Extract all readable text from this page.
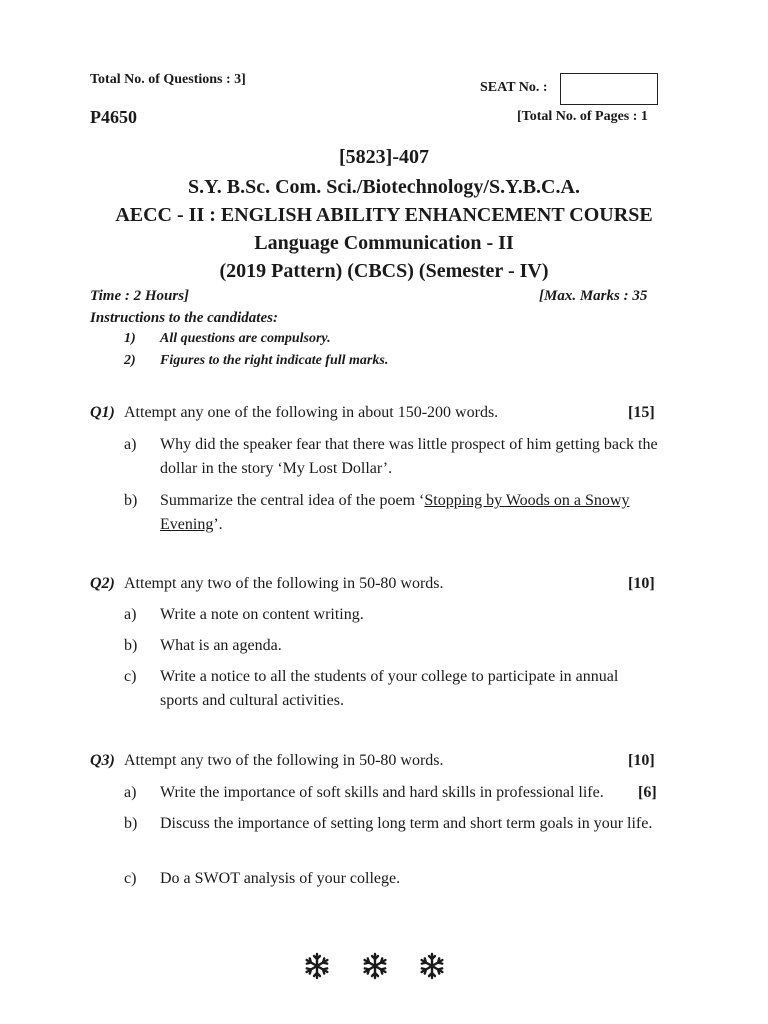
Total No. of Questions : 3]
SEAT No. :
P4650	[Total No. of Pages : 1
[5823]-407
S.Y. B.Sc. Com. Sci./Biotechnology/S.Y.B.C.A.
AECC - II : ENGLISH ABILITY ENHANCEMENT COURSE
Language Communication - II
(2019 Pattern) (CBCS) (Semester - IV)
Time : 2 Hours]	[Max. Marks : 35
Instructions to the candidates:
1) All questions are compulsory.
2) Figures to the right indicate full marks.
Q1) Attempt any one of the following in about 150-200 words.	[15]
a) Why did the speaker fear that there was little prospect of him getting back the dollar in the story ‘My Lost Dollar’.
b) Summarize the central idea of the poem ‘Stopping by Woods on a Snowy Evening’.
Q2) Attempt any two of the following in 50-80 words.	[10]
a) Write a note on content writing.
b) What is an agenda.
c) Write a notice to all the students of your college to participate in annual sports and cultural activities.
Q3) Attempt any two of the following in 50-80 words.	[10]
a) Write the importance of soft skills and hard skills in professional life.	[6]
b) Discuss the importance of setting long term and short term goals in your life.
c) Do a SWOT analysis of your college.
